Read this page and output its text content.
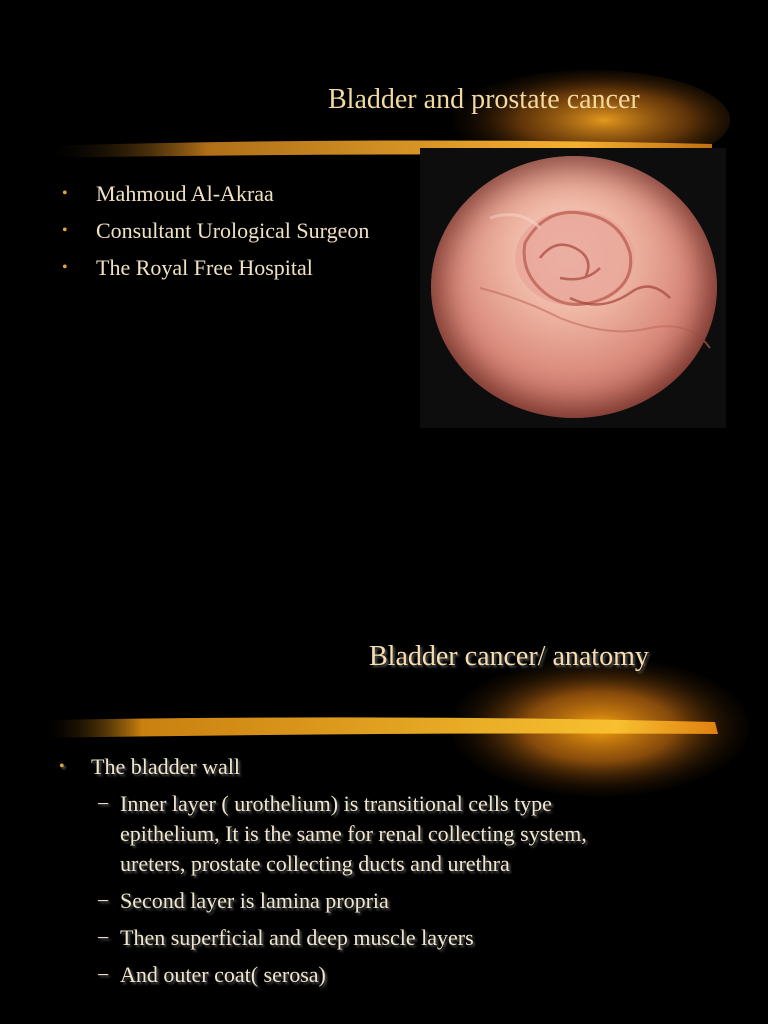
Bladder and prostate cancer
• Mahmoud Al-Akraa
• Consultant Urological Surgeon
• The Royal Free Hospital
Bladder cancer/ anatomy
• The bladder wall
− Inner layer ( urothelium) is transitional cells type
epithelium, It is the same for renal collecting system,
ureters, prostate collecting ducts and urethra
− Second layer is lamina propria
− Then superficial and deep muscle layers
− And outer coat( serosa)
